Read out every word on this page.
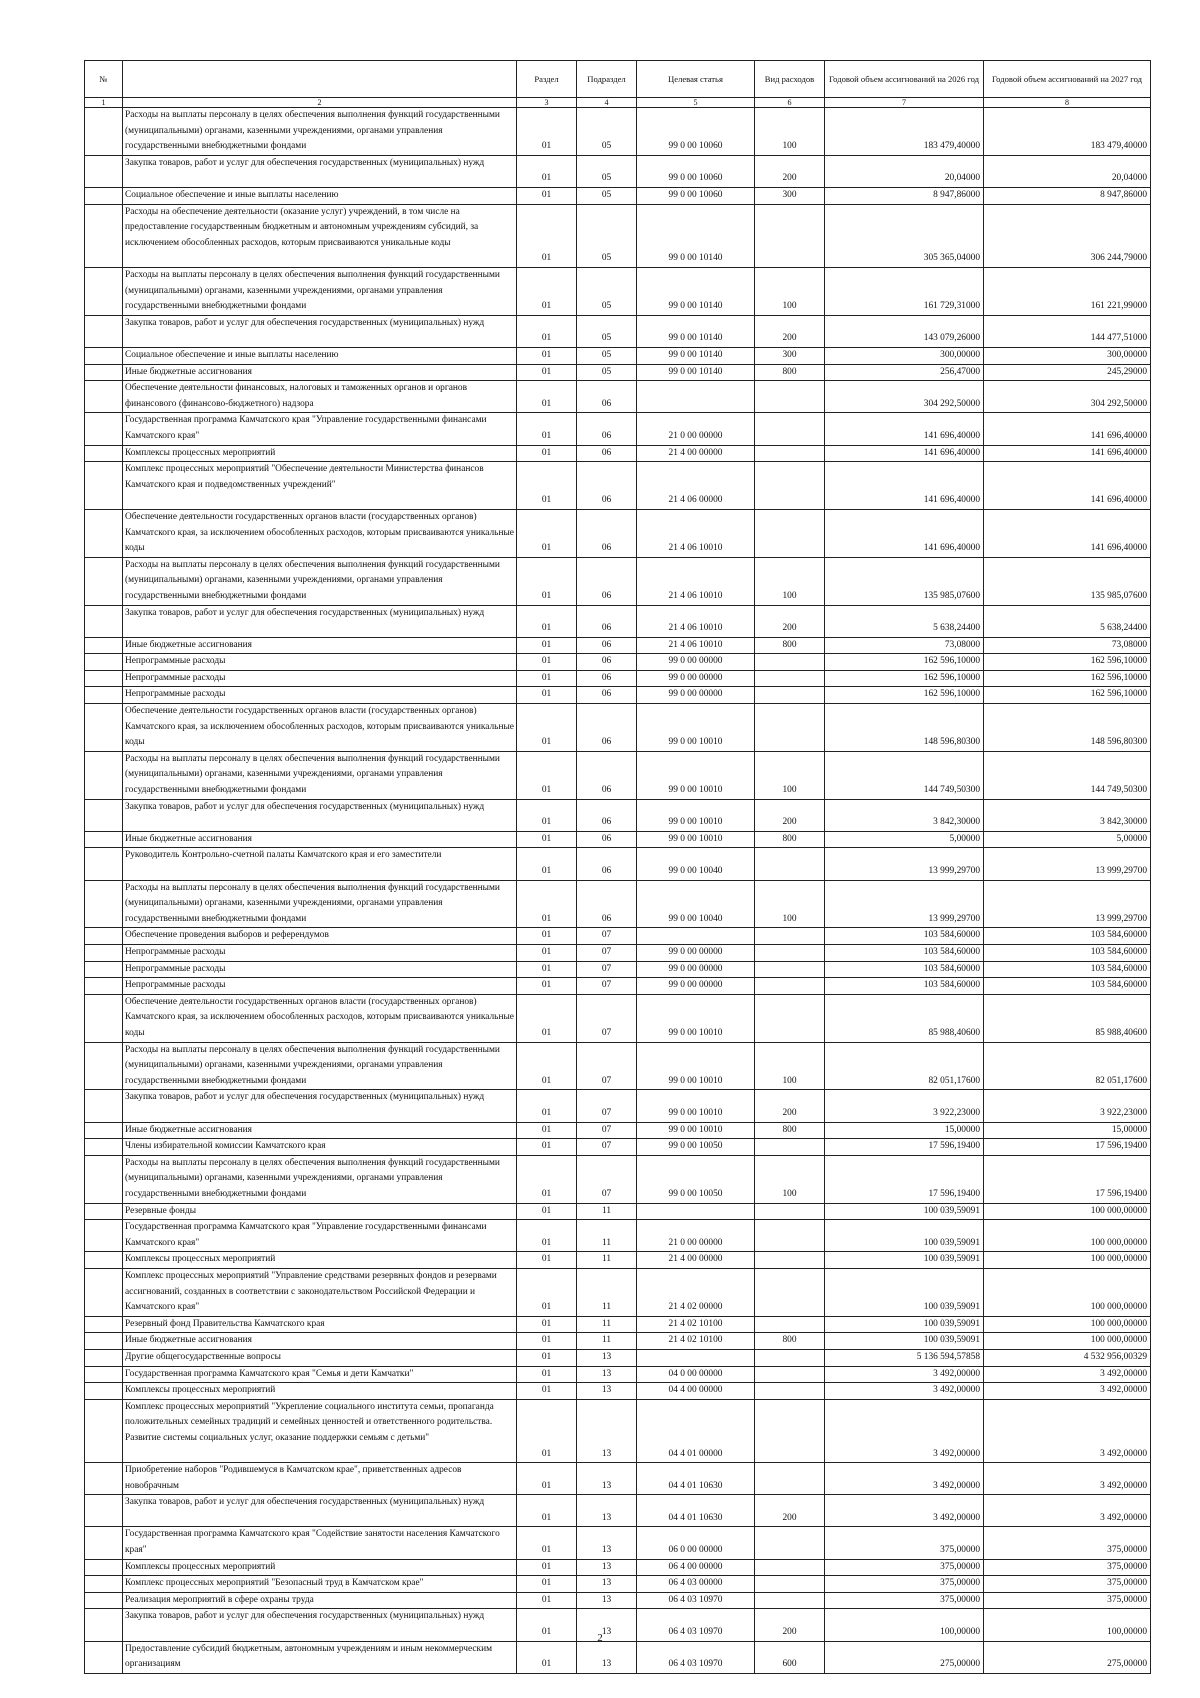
№		Раздел	Подраздел	Целевая статья	Вид расходов	Годовой объем ассигнований на 2026 год	Годовой объем ассигнований на 2027 год
1	2	3	4	5	6	7	8
	Расходы на выплаты персоналу в целях обеспечения выполнения функций государственными (муниципальными) органами, казенными учреждениями, органами управления государственными внебюджетными фондами	01	05	99 0 00 10060	100	183 479,40000	183 479,40000
	Закупка товаров, работ и услуг для обеспечения государственных (муниципальных) нужд	01	05	99 0 00 10060	200	20,04000	20,04000
	Социальное обеспечение и иные выплаты населению	01	05	99 0 00 10060	300	8 947,86000	8 947,86000
	Расходы на обеспечение деятельности (оказание услуг) учреждений, в том числе на предоставление государственным бюджетным и автономным учреждениям субсидий, за исключением обособленных расходов, которым присваиваются уникальные коды	01	05	99 0 00 10140		305 365,04000	306 244,79000
	Расходы на выплаты персоналу в целях обеспечения выполнения функций государственными (муниципальными) органами, казенными учреждениями, органами управления государственными внебюджетными фондами	01	05	99 0 00 10140	100	161 729,31000	161 221,99000
	Закупка товаров, работ и услуг для обеспечения государственных (муниципальных) нужд	01	05	99 0 00 10140	200	143 079,26000	144 477,51000
	Социальное обеспечение и иные выплаты населению	01	05	99 0 00 10140	300	300,00000	300,00000
	Иные бюджетные ассигнования	01	05	99 0 00 10140	800	256,47000	245,29000
	Обеспечение деятельности финансовых, налоговых и таможенных органов и органов финансового (финансово-бюджетного) надзора	01	06			304 292,50000	304 292,50000
	Государственная программа Камчатского края "Управление государственными финансами Камчатского края"	01	06	21 0 00 00000		141 696,40000	141 696,40000
	Комплексы процессных мероприятий	01	06	21 4 00 00000		141 696,40000	141 696,40000
	Комплекс процессных мероприятий "Обеспечение деятельности Министерства финансов Камчатского края и подведомственных учреждений"	01	06	21 4 06 00000		141 696,40000	141 696,40000
	Обеспечение деятельности государственных органов власти (государственных органов) Камчатского края, за исключением обособленных расходов, которым присваиваются уникальные коды	01	06	21 4 06 10010		141 696,40000	141 696,40000
	Расходы на выплаты персоналу в целях обеспечения выполнения функций государственными (муниципальными) органами, казенными учреждениями, органами управления государственными внебюджетными фондами	01	06	21 4 06 10010	100	135 985,07600	135 985,07600
	Закупка товаров, работ и услуг для обеспечения государственных (муниципальных) нужд	01	06	21 4 06 10010	200	5 638,24400	5 638,24400
	Иные бюджетные ассигнования	01	06	21 4 06 10010	800	73,08000	73,08000
	Непрограммные расходы	01	06	99 0 00 00000		162 596,10000	162 596,10000
	Непрограммные расходы	01	06	99 0 00 00000		162 596,10000	162 596,10000
	Непрограммные расходы	01	06	99 0 00 00000		162 596,10000	162 596,10000
	Обеспечение деятельности государственных органов власти (государственных органов) Камчатского края, за исключением обособленных расходов, которым присваиваются уникальные коды	01	06	99 0 00 10010		148 596,80300	148 596,80300
	Расходы на выплаты персоналу в целях обеспечения выполнения функций государственными (муниципальными) органами, казенными учреждениями, органами управления государственными внебюджетными фондами	01	06	99 0 00 10010	100	144 749,50300	144 749,50300
	Закупка товаров, работ и услуг для обеспечения государственных (муниципальных) нужд	01	06	99 0 00 10010	200	3 842,30000	3 842,30000
	Иные бюджетные ассигнования	01	06	99 0 00 10010	800	5,00000	5,00000
	Руководитель Контрольно-счетной палаты Камчатского края и его заместители	01	06	99 0 00 10040		13 999,29700	13 999,29700
	Расходы на выплаты персоналу в целях обеспечения выполнения функций государственными (муниципальными) органами, казенными учреждениями, органами управления государственными внебюджетными фондами	01	06	99 0 00 10040	100	13 999,29700	13 999,29700
	Обеспечение проведения выборов и референдумов	01	07			103 584,60000	103 584,60000
	Непрограммные расходы	01	07	99 0 00 00000		103 584,60000	103 584,60000
	Непрограммные расходы	01	07	99 0 00 00000		103 584,60000	103 584,60000
	Непрограммные расходы	01	07	99 0 00 00000		103 584,60000	103 584,60000
	Обеспечение деятельности государственных органов власти (государственных органов) Камчатского края, за исключением обособленных расходов, которым присваиваются уникальные коды	01	07	99 0 00 10010		85 988,40600	85 988,40600
	Расходы на выплаты персоналу в целях обеспечения выполнения функций государственными (муниципальными) органами, казенными учреждениями, органами управления государственными внебюджетными фондами	01	07	99 0 00 10010	100	82 051,17600	82 051,17600
	Закупка товаров, работ и услуг для обеспечения государственных (муниципальных) нужд	01	07	99 0 00 10010	200	3 922,23000	3 922,23000
	Иные бюджетные ассигнования	01	07	99 0 00 10010	800	15,00000	15,00000
	Члены избирательной комиссии Камчатского края	01	07	99 0 00 10050		17 596,19400	17 596,19400
	Расходы на выплаты персоналу в целях обеспечения выполнения функций государственными (муниципальными) органами, казенными учреждениями, органами управления государственными внебюджетными фондами	01	07	99 0 00 10050	100	17 596,19400	17 596,19400
	Резервные фонды	01	11			100 039,59091	100 000,00000
	Государственная программа Камчатского края "Управление государственными финансами Камчатского края"	01	11	21 0 00 00000		100 039,59091	100 000,00000
	Комплексы процессных мероприятий	01	11	21 4 00 00000		100 039,59091	100 000,00000
	Комплекс процессных мероприятий "Управление средствами резервных фондов и резервами ассигнований, созданных в соответствии с законодательством Российской Федерации и Камчатского края"	01	11	21 4 02 00000		100 039,59091	100 000,00000
	Резервный фонд Правительства Камчатского края	01	11	21 4 02 10100		100 039,59091	100 000,00000
	Иные бюджетные ассигнования	01	11	21 4 02 10100	800	100 039,59091	100 000,00000
	Другие общегосударственные вопросы	01	13			5 136 594,57858	4 532 956,00329
	Государственная программа Камчатского края "Семья и дети Камчатки"	01	13	04 0 00 00000		3 492,00000	3 492,00000
	Комплексы процессных мероприятий	01	13	04 4 00 00000		3 492,00000	3 492,00000
	Комплекс процессных мероприятий "Укрепление социального института семьи, пропаганда положительных семейных традиций и семейных ценностей и ответственного родительства. Развитие системы социальных услуг, оказание поддержки семьям с детьми"	01	13	04 4 01 00000		3 492,00000	3 492,00000
	Приобретение наборов "Родившемуся в Камчатском крае", приветственных адресов новобрачным	01	13	04 4 01 10630		3 492,00000	3 492,00000
	Закупка товаров, работ и услуг для обеспечения государственных (муниципальных) нужд	01	13	04 4 01 10630	200	3 492,00000	3 492,00000
	Государственная программа Камчатского края "Содействие занятости населения Камчатского края"	01	13	06 0 00 00000		375,00000	375,00000
	Комплексы процессных мероприятий	01	13	06 4 00 00000		375,00000	375,00000
	Комплекс процессных мероприятий "Безопасный труд в Камчатском крае"	01	13	06 4 03 00000		375,00000	375,00000
	Реализация мероприятий в сфере охраны труда	01	13	06 4 03 10970		375,00000	375,00000
	Закупка товаров, работ и услуг для обеспечения государственных (муниципальных) нужд	01	13	06 4 03 10970	200	100,00000	100,00000
	Предоставление субсидий бюджетным, автономным учреждениям и иным некоммерческим организациям	01	13	06 4 03 10970	600	275,00000	275,00000
2
